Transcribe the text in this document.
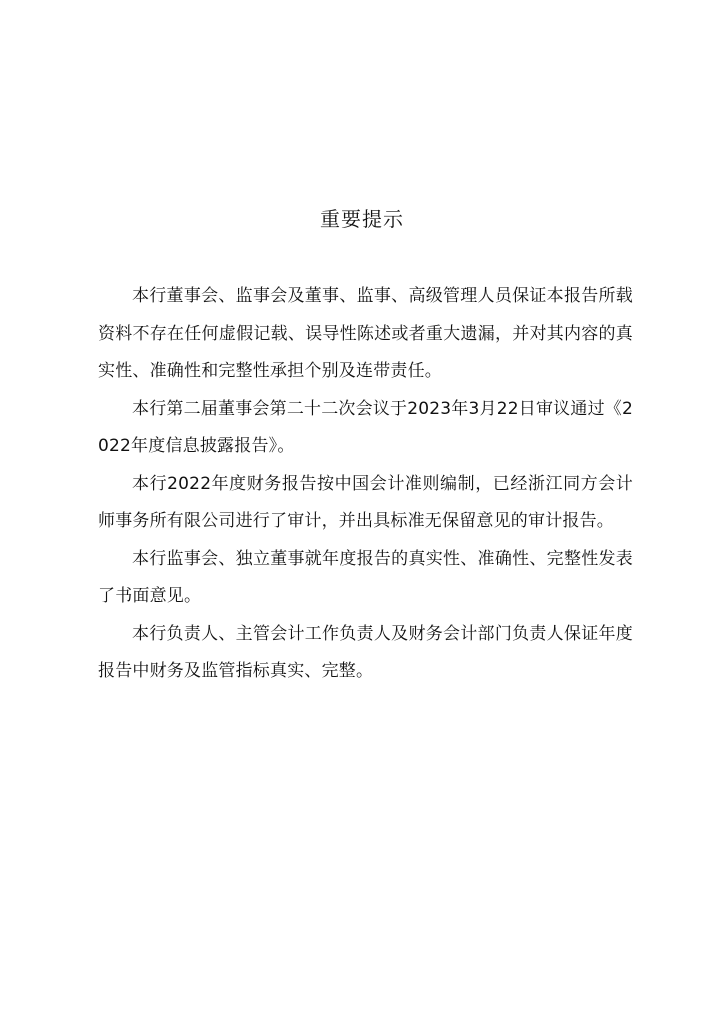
重要提示

本行董事会、监事会及董事、监事、高级管理人员保证本报告所载资料不存在任何虚假记载、误导性陈述或者重大遗漏，并对其内容的真实性、准确性和完整性承担个别及连带责任。

本行第二届董事会第二十二次会议于2023年3月22日审议通过《2022年度信息披露报告》。

本行2022年度财务报告按中国会计准则编制，已经浙江同方会计师事务所有限公司进行了审计，并出具标准无保留意见的审计报告。

本行监事会、独立董事就年度报告的真实性、准确性、完整性发表了书面意见。

本行负责人、主管会计工作负责人及财务会计部门负责人保证年度报告中财务及监管指标真实、完整。
